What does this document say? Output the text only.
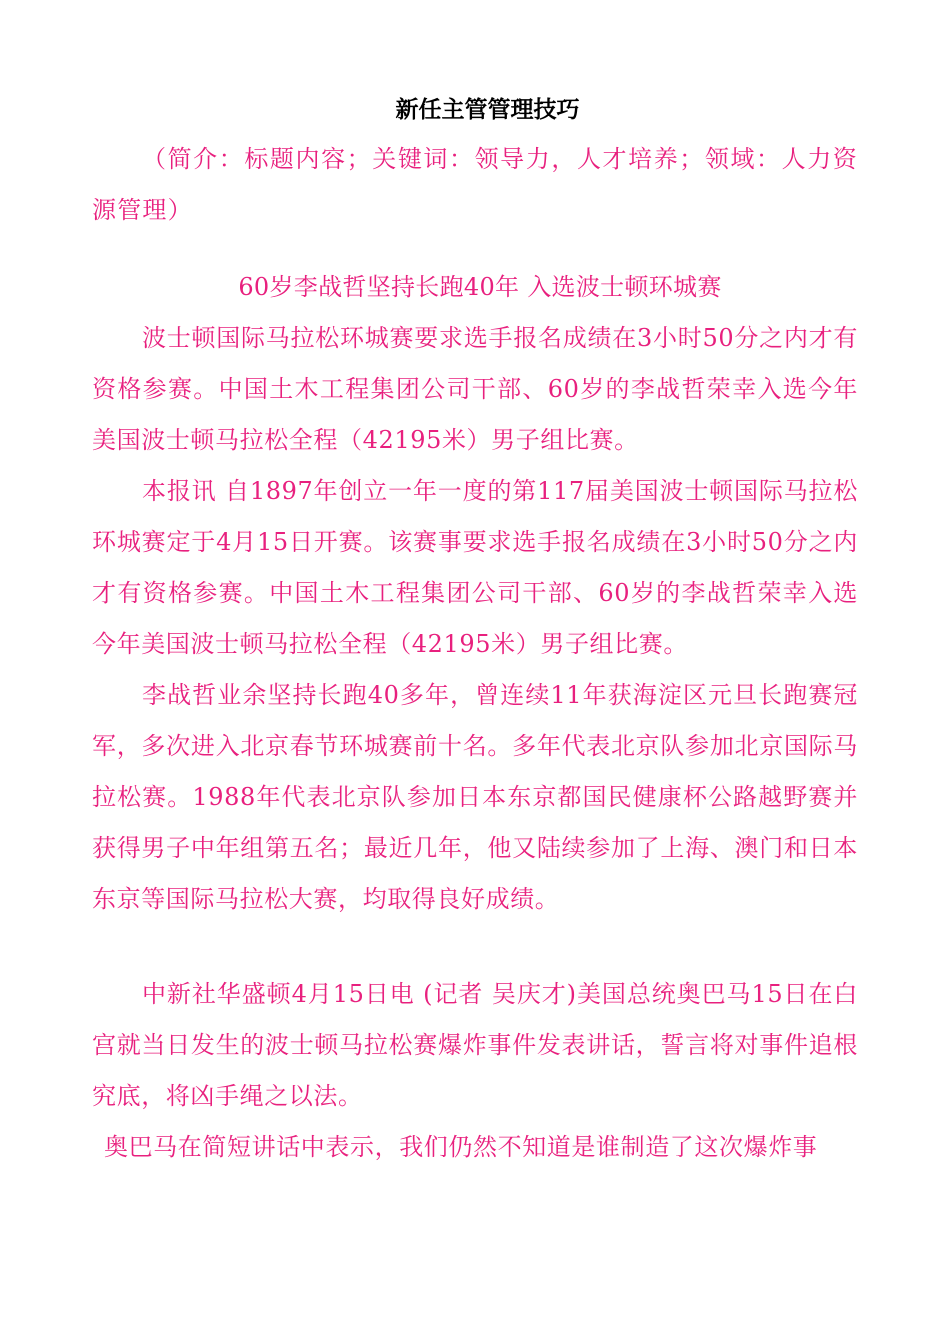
新任主管管理技巧

（简介：标题内容；关键词：领导力，人才培养；领域：人力资源管理）

60岁李战哲坚持长跑40年 入选波士顿环城赛

波士顿国际马拉松环城赛要求选手报名成绩在3小时50分之内才有资格参赛。中国土木工程集团公司干部、60岁的李战哲荣幸入选今年美国波士顿马拉松全程（42195米）男子组比赛。

本报讯 自1897年创立一年一度的第117届美国波士顿国际马拉松环城赛定于4月15日开赛。该赛事要求选手报名成绩在3小时50分之内才有资格参赛。中国土木工程集团公司干部、60岁的李战哲荣幸入选今年美国波士顿马拉松全程（42195米）男子组比赛。

李战哲业余坚持长跑40多年，曾连续11年获海淀区元旦长跑赛冠军，多次进入北京春节环城赛前十名。多年代表北京队参加北京国际马拉松赛。1988年代表北京队参加日本东京都国民健康杯公路越野赛并获得男子中年组第五名；最近几年，他又陆续参加了上海、澳门和日本东京等国际马拉松大赛，均取得良好成绩。

中新社华盛顿4月15日电 (记者 吴庆才)美国总统奥巴马15日在白宫就当日发生的波士顿马拉松赛爆炸事件发表讲话，誓言将对事件追根究底，将凶手绳之以法。

奥巴马在简短讲话中表示，我们仍然不知道是谁制造了这次爆炸事
